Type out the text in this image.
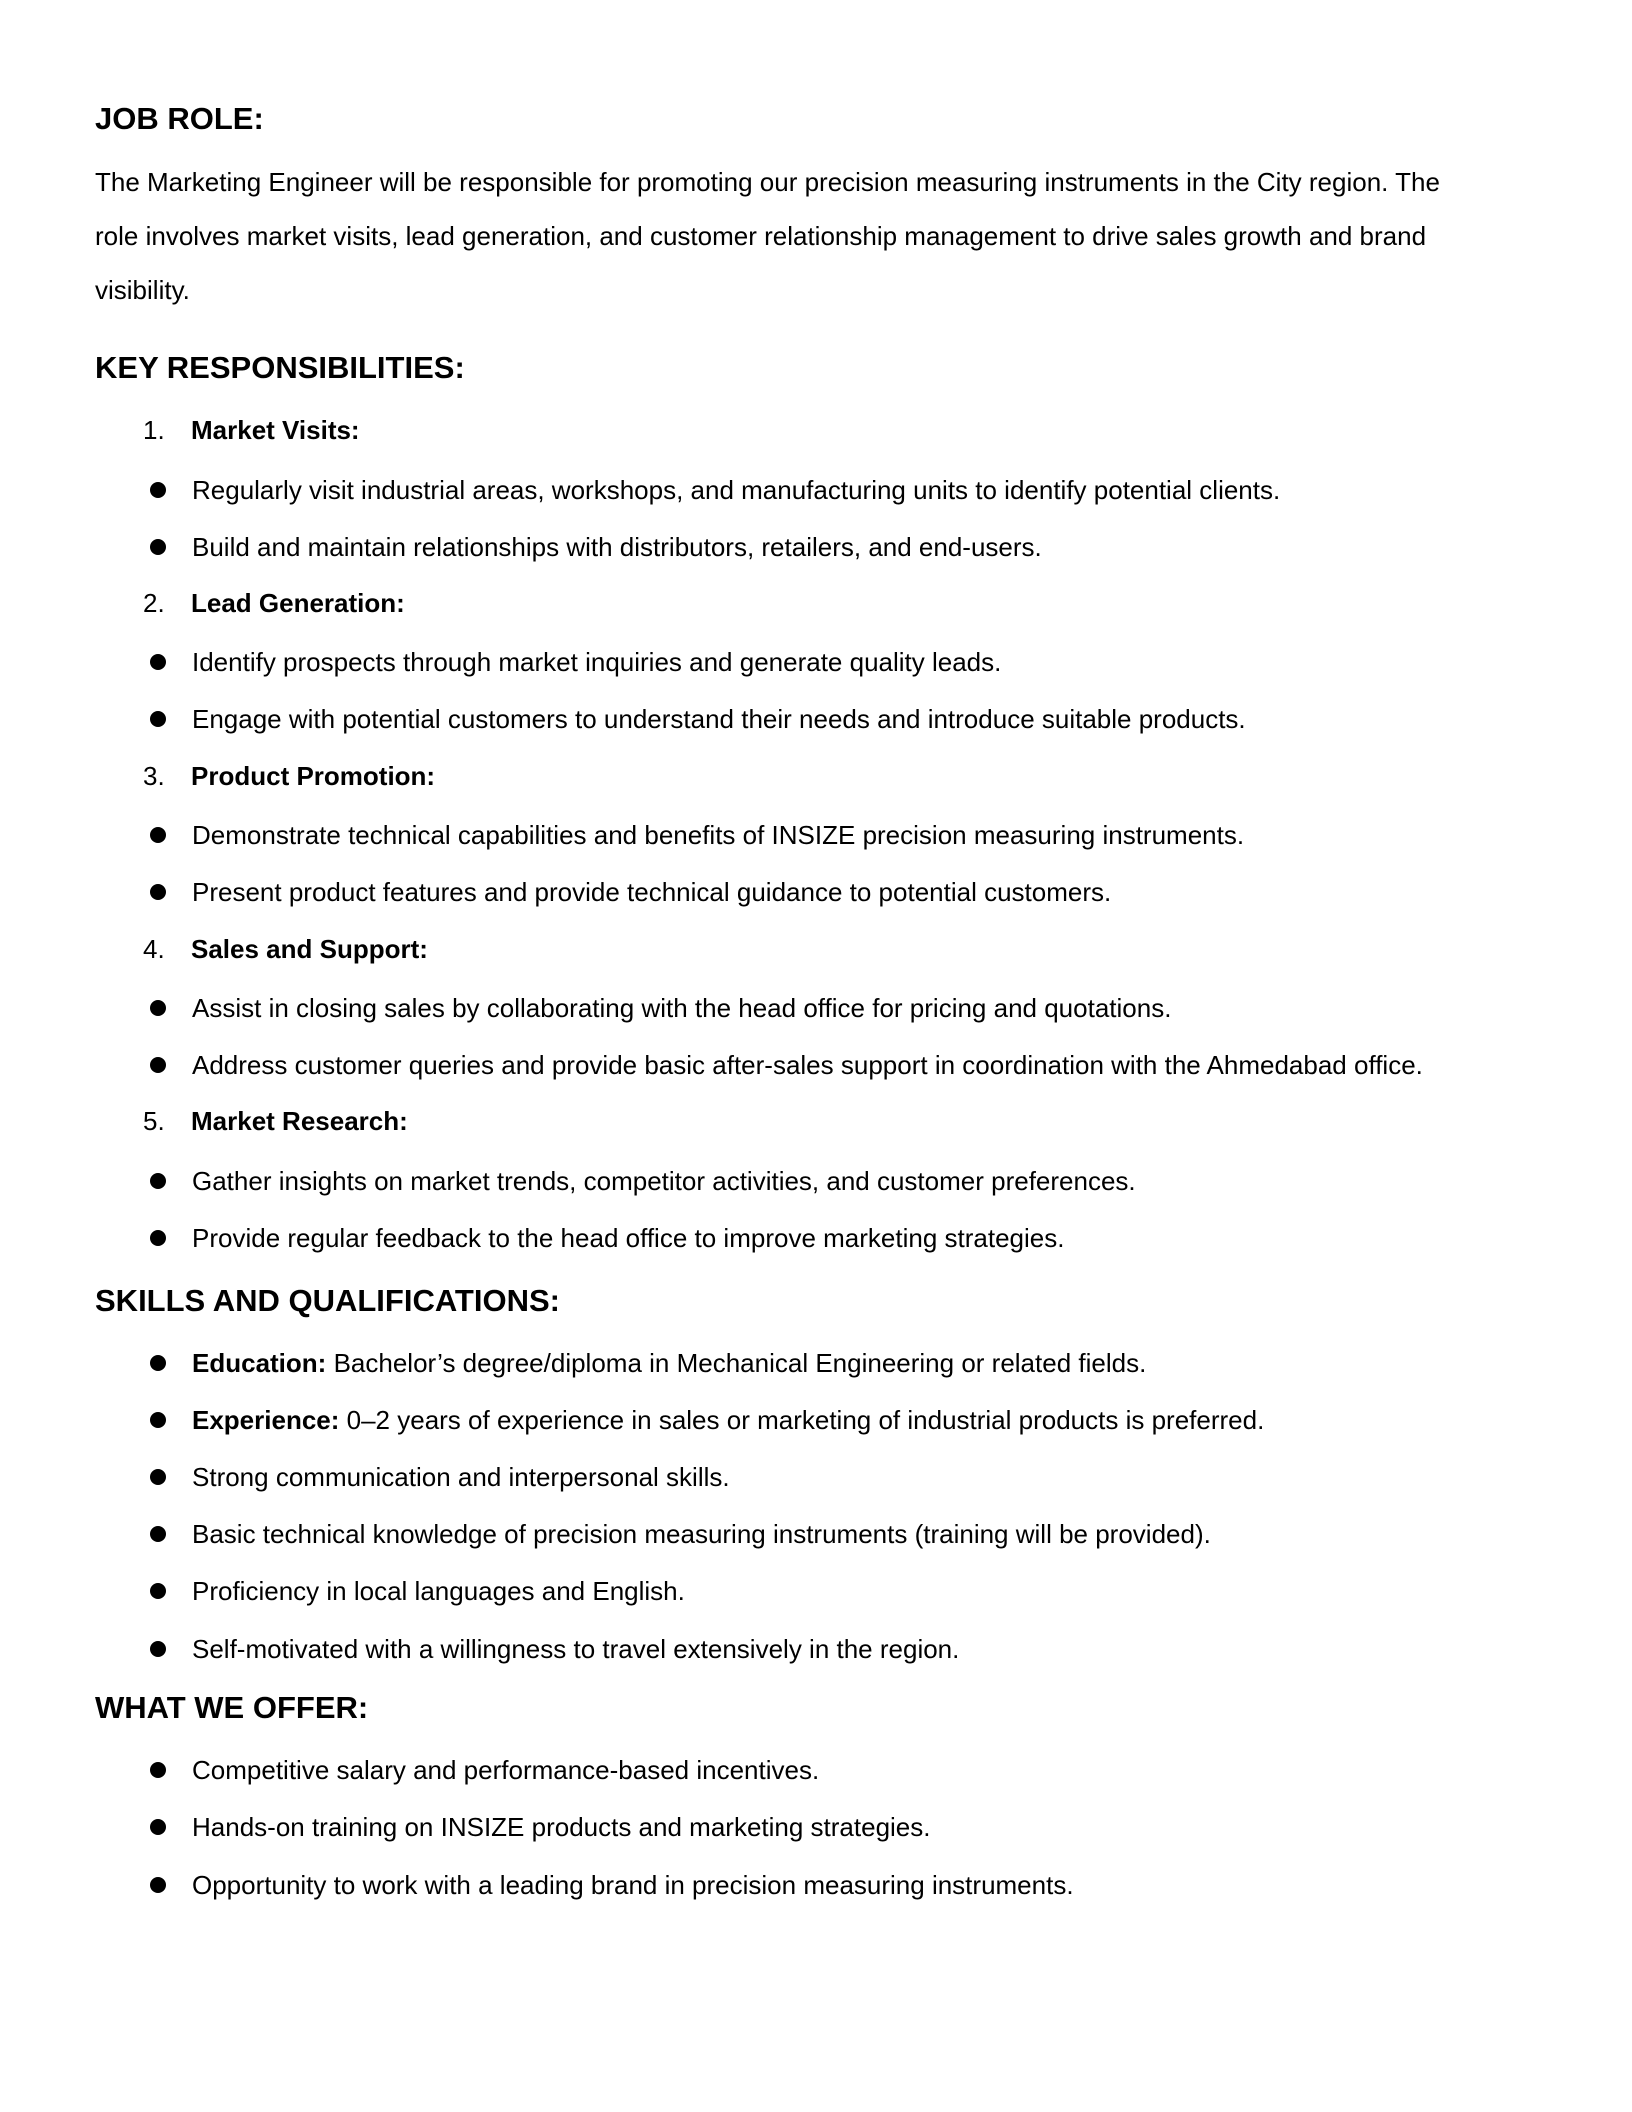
JOB ROLE:
The Marketing Engineer will be responsible for promoting our precision measuring instruments in the City region. The
role involves market visits, lead generation, and customer relationship management to drive sales growth and brand
visibility.
KEY RESPONSIBILITIES:
1. Market Visits:
Regularly visit industrial areas, workshops, and manufacturing units to identify potential clients.
Build and maintain relationships with distributors, retailers, and end-users.
2. Lead Generation:
Identify prospects through market inquiries and generate quality leads.
Engage with potential customers to understand their needs and introduce suitable products.
3. Product Promotion:
Demonstrate technical capabilities and benefits of INSIZE precision measuring instruments.
Present product features and provide technical guidance to potential customers.
4. Sales and Support:
Assist in closing sales by collaborating with the head office for pricing and quotations.
Address customer queries and provide basic after-sales support in coordination with the Ahmedabad office.
5. Market Research:
Gather insights on market trends, competitor activities, and customer preferences.
Provide regular feedback to the head office to improve marketing strategies.
SKILLS AND QUALIFICATIONS:
Education: Bachelor’s degree/diploma in Mechanical Engineering or related fields.
Experience: 0–2 years of experience in sales or marketing of industrial products is preferred.
Strong communication and interpersonal skills.
Basic technical knowledge of precision measuring instruments (training will be provided).
Proficiency in local languages and English.
Self-motivated with a willingness to travel extensively in the region.
WHAT WE OFFER:
Competitive salary and performance-based incentives.
Hands-on training on INSIZE products and marketing strategies.
Opportunity to work with a leading brand in precision measuring instruments.
